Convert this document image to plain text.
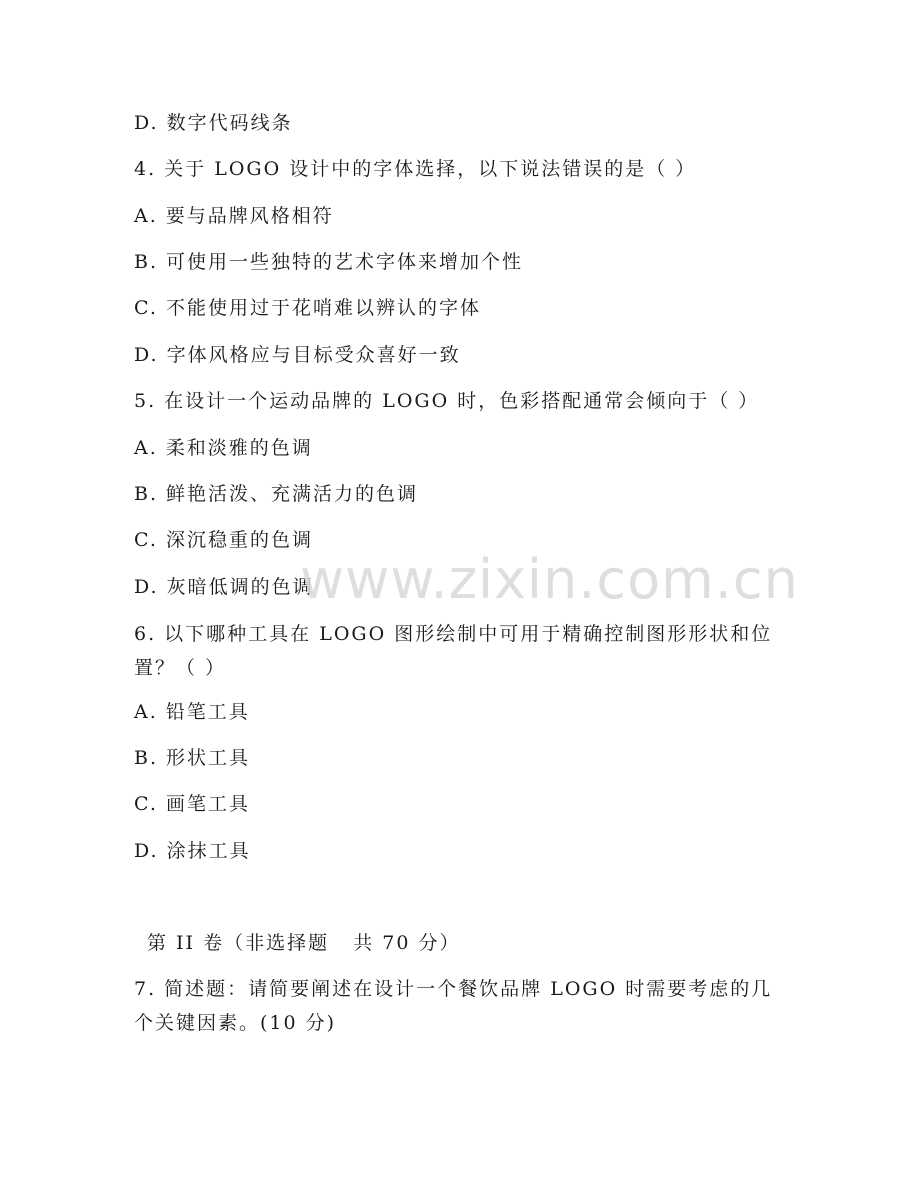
D. 数字代码线条
4. 关于 LOGO 设计中的字体选择，以下说法错误的是（ ）
A. 要与品牌风格相符
B. 可使用一些独特的艺术字体来增加个性
C. 不能使用过于花哨难以辨认的字体
D. 字体风格应与目标受众喜好一致
5. 在设计一个运动品牌的 LOGO 时，色彩搭配通常会倾向于（ ）
A. 柔和淡雅的色调
B. 鲜艳活泼、充满活力的色调
C. 深沉稳重的色调
D. 灰暗低调的色调
6. 以下哪种工具在 LOGO 图形绘制中可用于精确控制图形形状和位置？（ ）
A. 铅笔工具
B. 形状工具
C. 画笔工具
D. 涂抹工具
第 II 卷（非选择题   共 70 分）
7. 简述题：请简要阐述在设计一个餐饮品牌 LOGO 时需要考虑的几个关键因素。(10 分)
www.zixin.com.cn
